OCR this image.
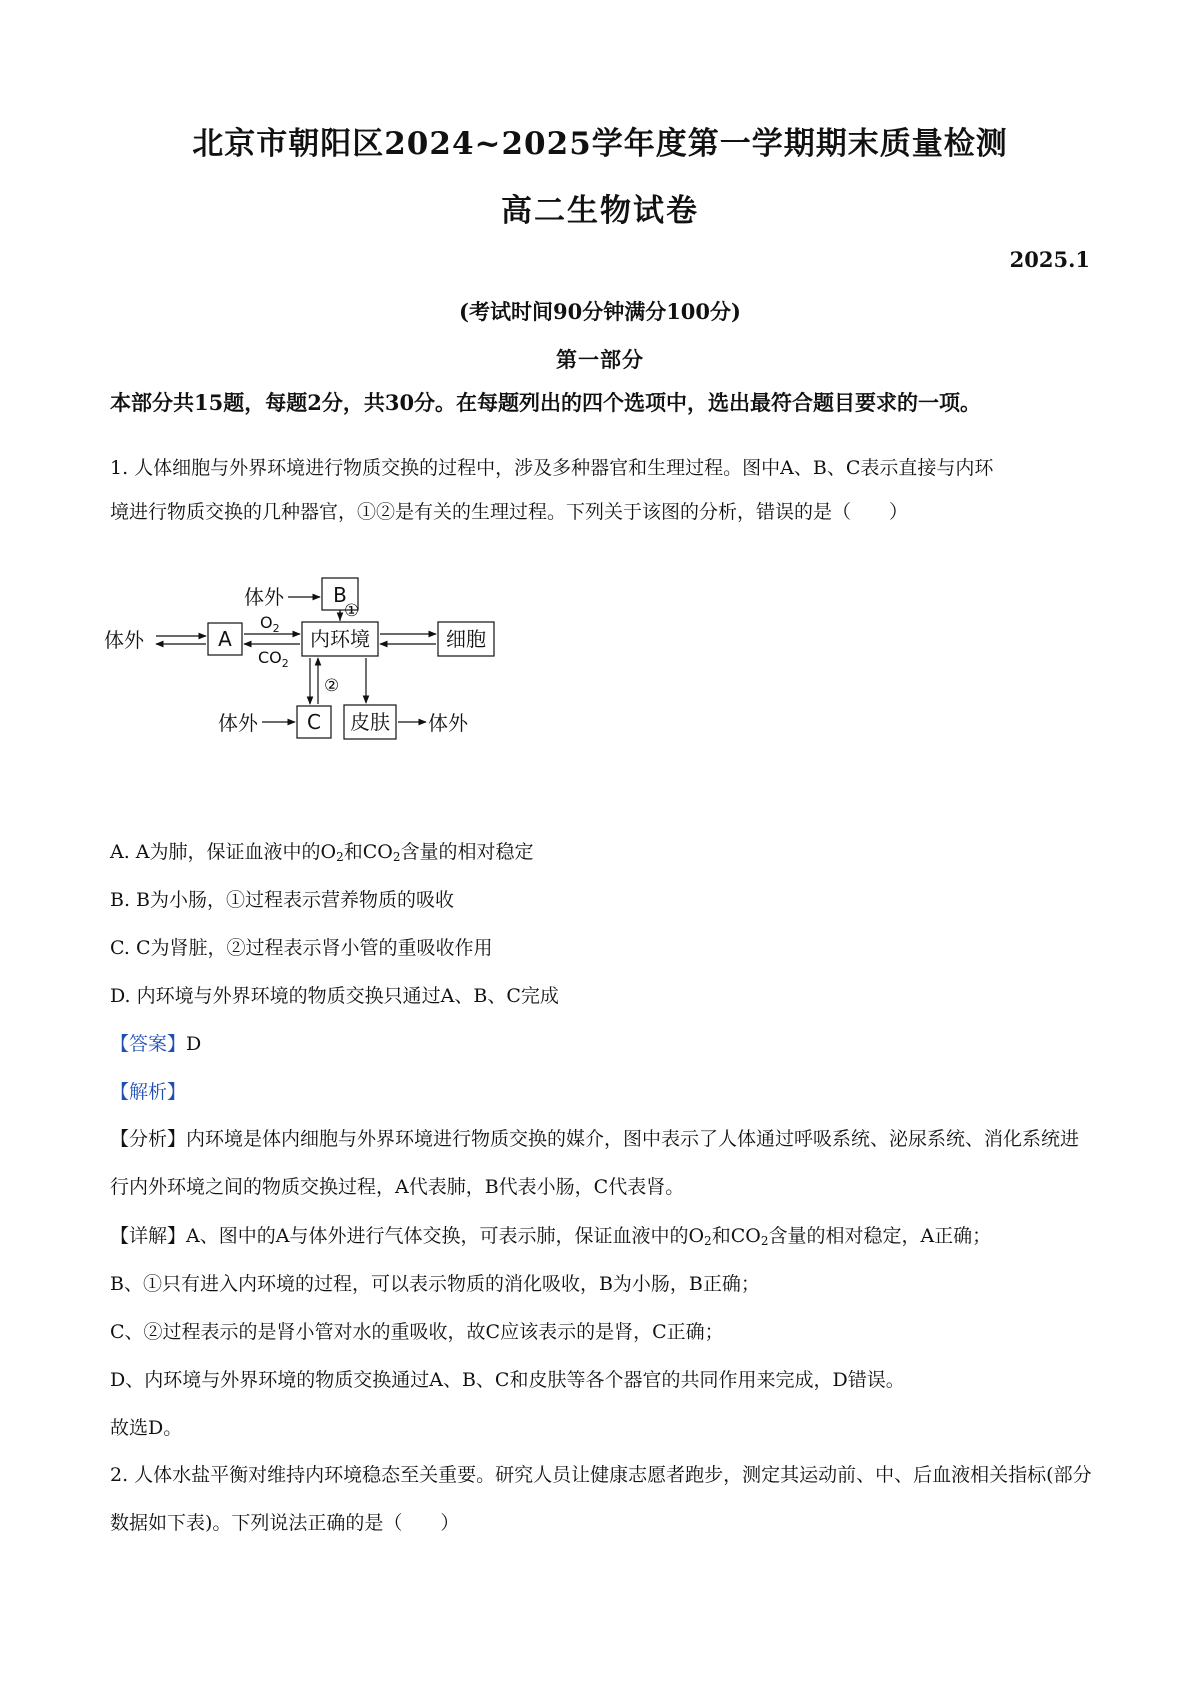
北京市朝阳区2024~2025学年度第一学期期末质量检测
高二生物试卷
2025.1
(考试时间90分钟满分100分)
第一部分
本部分共15题，每题2分，共30分。在每题列出的四个选项中，选出最符合题目要求的一项。
1. 人体细胞与外界环境进行物质交换的过程中，涉及多种器官和生理过程。图中A、B、C表示直接与内环
境进行物质交换的几种器官，①②是有关的生理过程。下列关于该图的分析，错误的是（　　）
B
A	内环境	细胞
C 皮肤
体外
体外
体外	体外
$O_2$
$CO_2$
①
②
A. A为肺，保证血液中的$O_2$和$CO_2$含量的相对稳定
B. B为小肠，①过程表示营养物质的吸收
C. C为肾脏，②过程表示肾小管的重吸收作用
D. 内环境与外界环境的物质交换只通过A、B、C完成
【答案】D
【解析】
【分析】内环境是体内细胞与外界环境进行物质交换的媒介，图中表示了人体通过呼吸系统、泌尿系统、消化系统进行内外环境之间的物质交换过程，A代表肺，B代表小肠，C代表肾。
【详解】A、图中的A与体外进行气体交换，可表示肺，保证血液中的$O_2$和$CO_2$含量的相对稳定，A正确；
B、①只有进入内环境的过程，可以表示物质的消化吸收，B为小肠，B正确；
C、②过程表示的是肾小管对水的重吸收，故C应该表示的是肾，C正确；
D、内环境与外界环境的物质交换通过A、B、C和皮肤等各个器官的共同作用来完成，D错误。
故选D。
2. 人体水盐平衡对维持内环境稳态至关重要。研究人员让健康志愿者跑步，测定其运动前、中、后血液相关指标(部分数据如下表)。下列说法正确的是（　　）
